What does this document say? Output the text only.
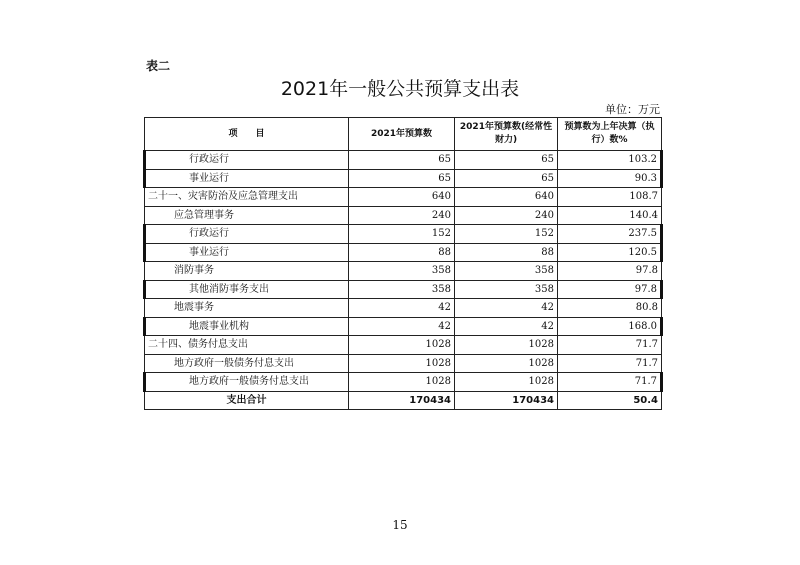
表二
2021年一般公共预算支出表
单位：万元
项　　目	2021年预算数	2021年预算数(经常性财力)	预算数为上年决算（执行）数%
行政运行	65	65	103.2
事业运行	65	65	90.3
二十一、灾害防治及应急管理支出	640	640	108.7
应急管理事务	240	240	140.4
行政运行	152	152	237.5
事业运行	88	88	120.5
消防事务	358	358	97.8
其他消防事务支出	358	358	97.8
地震事务	42	42	80.8
地震事业机构	42	42	168.0
二十四、债务付息支出	1028	1028	71.7
地方政府一般债务付息支出	1028	1028	71.7
地方政府一般债务付息支出	1028	1028	71.7
支出合计	170434	170434	50.4
15
